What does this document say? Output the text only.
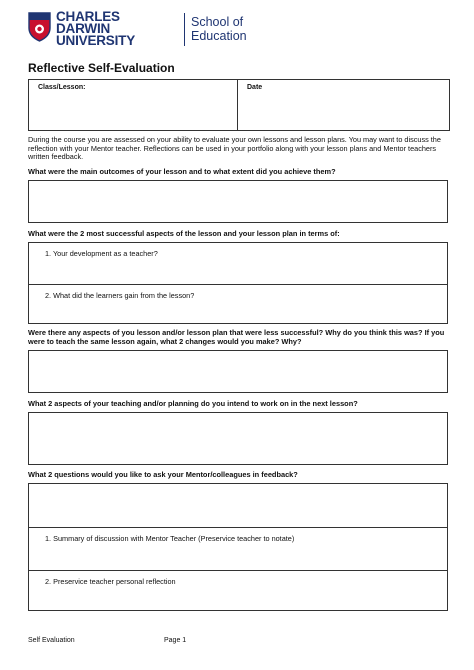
CHARLES
DARWIN
UNIVERSITY
School of
Education
Reflective Self-Evaluation
Class/Lesson:	Date
During the course you are assessed on your ability to evaluate your own lessons and lesson plans. You may want to discuss the reflection with your Mentor teacher. Reflections can be used in your portfolio along with your lesson plans and Mentor teachers written feedback.
What were the main outcomes of your lesson and to what extent did you achieve them?
What were the 2 most successful aspects of the lesson and your lesson plan in terms of:
1. Your development as a teacher?
2. What did the learners gain from the lesson?
Were there any aspects of you lesson and/or lesson plan that were less successful? Why do you think this was? If you were to teach the same lesson again, what 2 changes would you make? Why?
What 2 aspects of your teaching and/or planning do you intend to work on in the next lesson?
What 2 questions would you like to ask your Mentor/colleagues in feedback?
1. Summary of discussion with Mentor Teacher (Preservice teacher to notate)
2. Preservice teacher personal reflection
Self Evaluation	Page 1
